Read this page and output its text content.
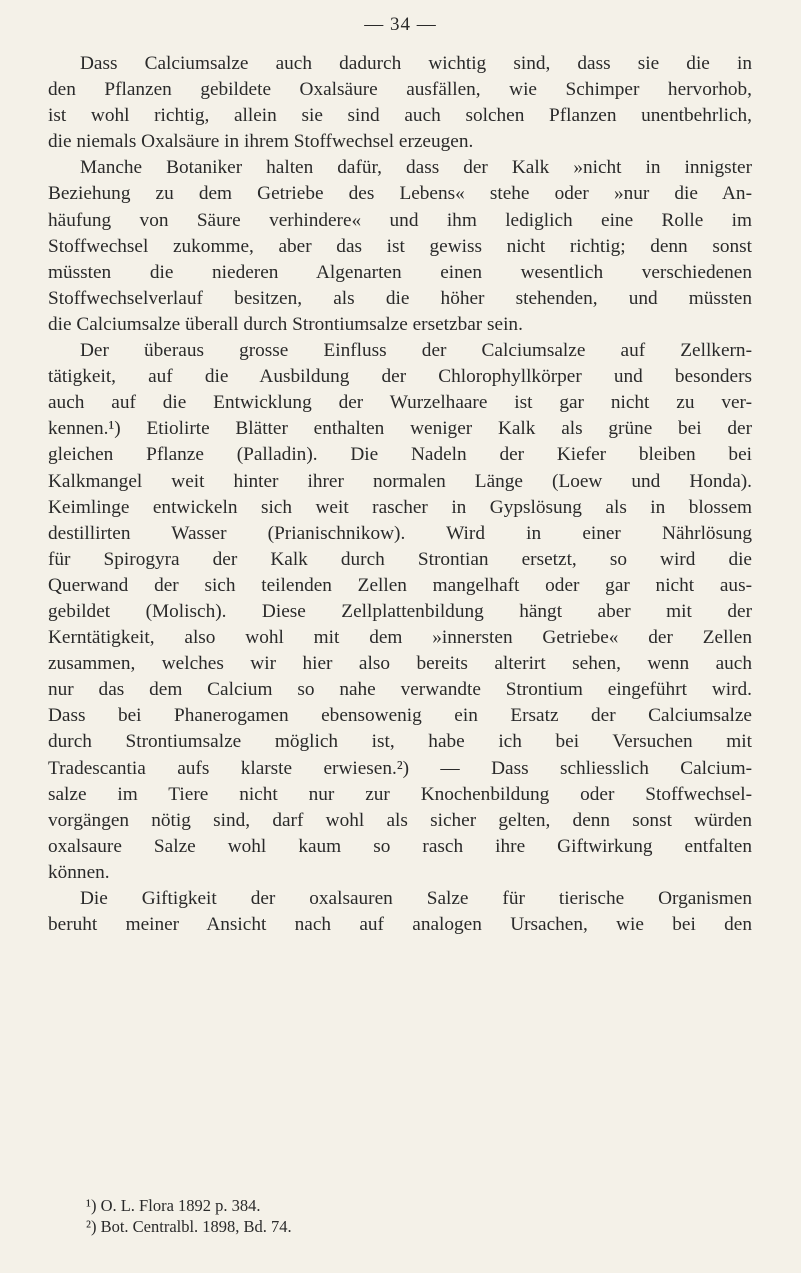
— 34 —
Dass Calciumsalze auch dadurch wichtig sind, dass sie die in
den Pflanzen gebildete Oxalsäure ausfällen, wie Schimper hervorhob,
ist wohl richtig, allein sie sind auch solchen Pflanzen unentbehrlich,
die niemals Oxalsäure in ihrem Stoffwechsel erzeugen.
Manche Botaniker halten dafür, dass der Kalk »nicht in innigster
Beziehung zu dem Getriebe des Lebens« stehe oder »nur die An-
häufung von Säure verhindere« und ihm lediglich eine Rolle im
Stoffwechsel zukomme, aber das ist gewiss nicht richtig; denn sonst
müssten die niederen Algenarten einen wesentlich verschiedenen
Stoffwechselverlauf besitzen, als die höher stehenden, und müssten
die Calciumsalze überall durch Strontiumsalze ersetzbar sein.
Der überaus grosse Einfluss der Calciumsalze auf Zellkern-
tätigkeit, auf die Ausbildung der Chlorophyllkörper und besonders
auch auf die Entwicklung der Wurzelhaare ist gar nicht zu ver-
kennen.¹) Etiolirte Blätter enthalten weniger Kalk als grüne bei der
gleichen Pflanze (Palladin). Die Nadeln der Kiefer bleiben bei
Kalkmangel weit hinter ihrer normalen Länge (Loew und Honda).
Keimlinge entwickeln sich weit rascher in Gypslösung als in blossem
destillirten Wasser (Prianischnikow). Wird in einer Nährlösung
für Spirogyra der Kalk durch Strontian ersetzt, so wird die
Querwand der sich teilenden Zellen mangelhaft oder gar nicht aus-
gebildet (Molisch). Diese Zellplattenbildung hängt aber mit der
Kerntätigkeit, also wohl mit dem »innersten Getriebe« der Zellen
zusammen, welches wir hier also bereits alterirt sehen, wenn auch
nur das dem Calcium so nahe verwandte Strontium eingeführt wird.
Dass bei Phanerogamen ebensowenig ein Ersatz der Calciumsalze
durch Strontiumsalze möglich ist, habe ich bei Versuchen mit
Tradescantia aufs klarste erwiesen.²) — Dass schliesslich Calcium-
salze im Tiere nicht nur zur Knochenbildung oder Stoffwechsel-
vorgängen nötig sind, darf wohl als sicher gelten, denn sonst würden
oxalsaure Salze wohl kaum so rasch ihre Giftwirkung entfalten
können.
Die Giftigkeit der oxalsauren Salze für tierische Organismen
beruht meiner Ansicht nach auf analogen Ursachen, wie bei den
¹) O. L. Flora 1892 p. 384.
²) Bot. Centralbl. 1898, Bd. 74.
